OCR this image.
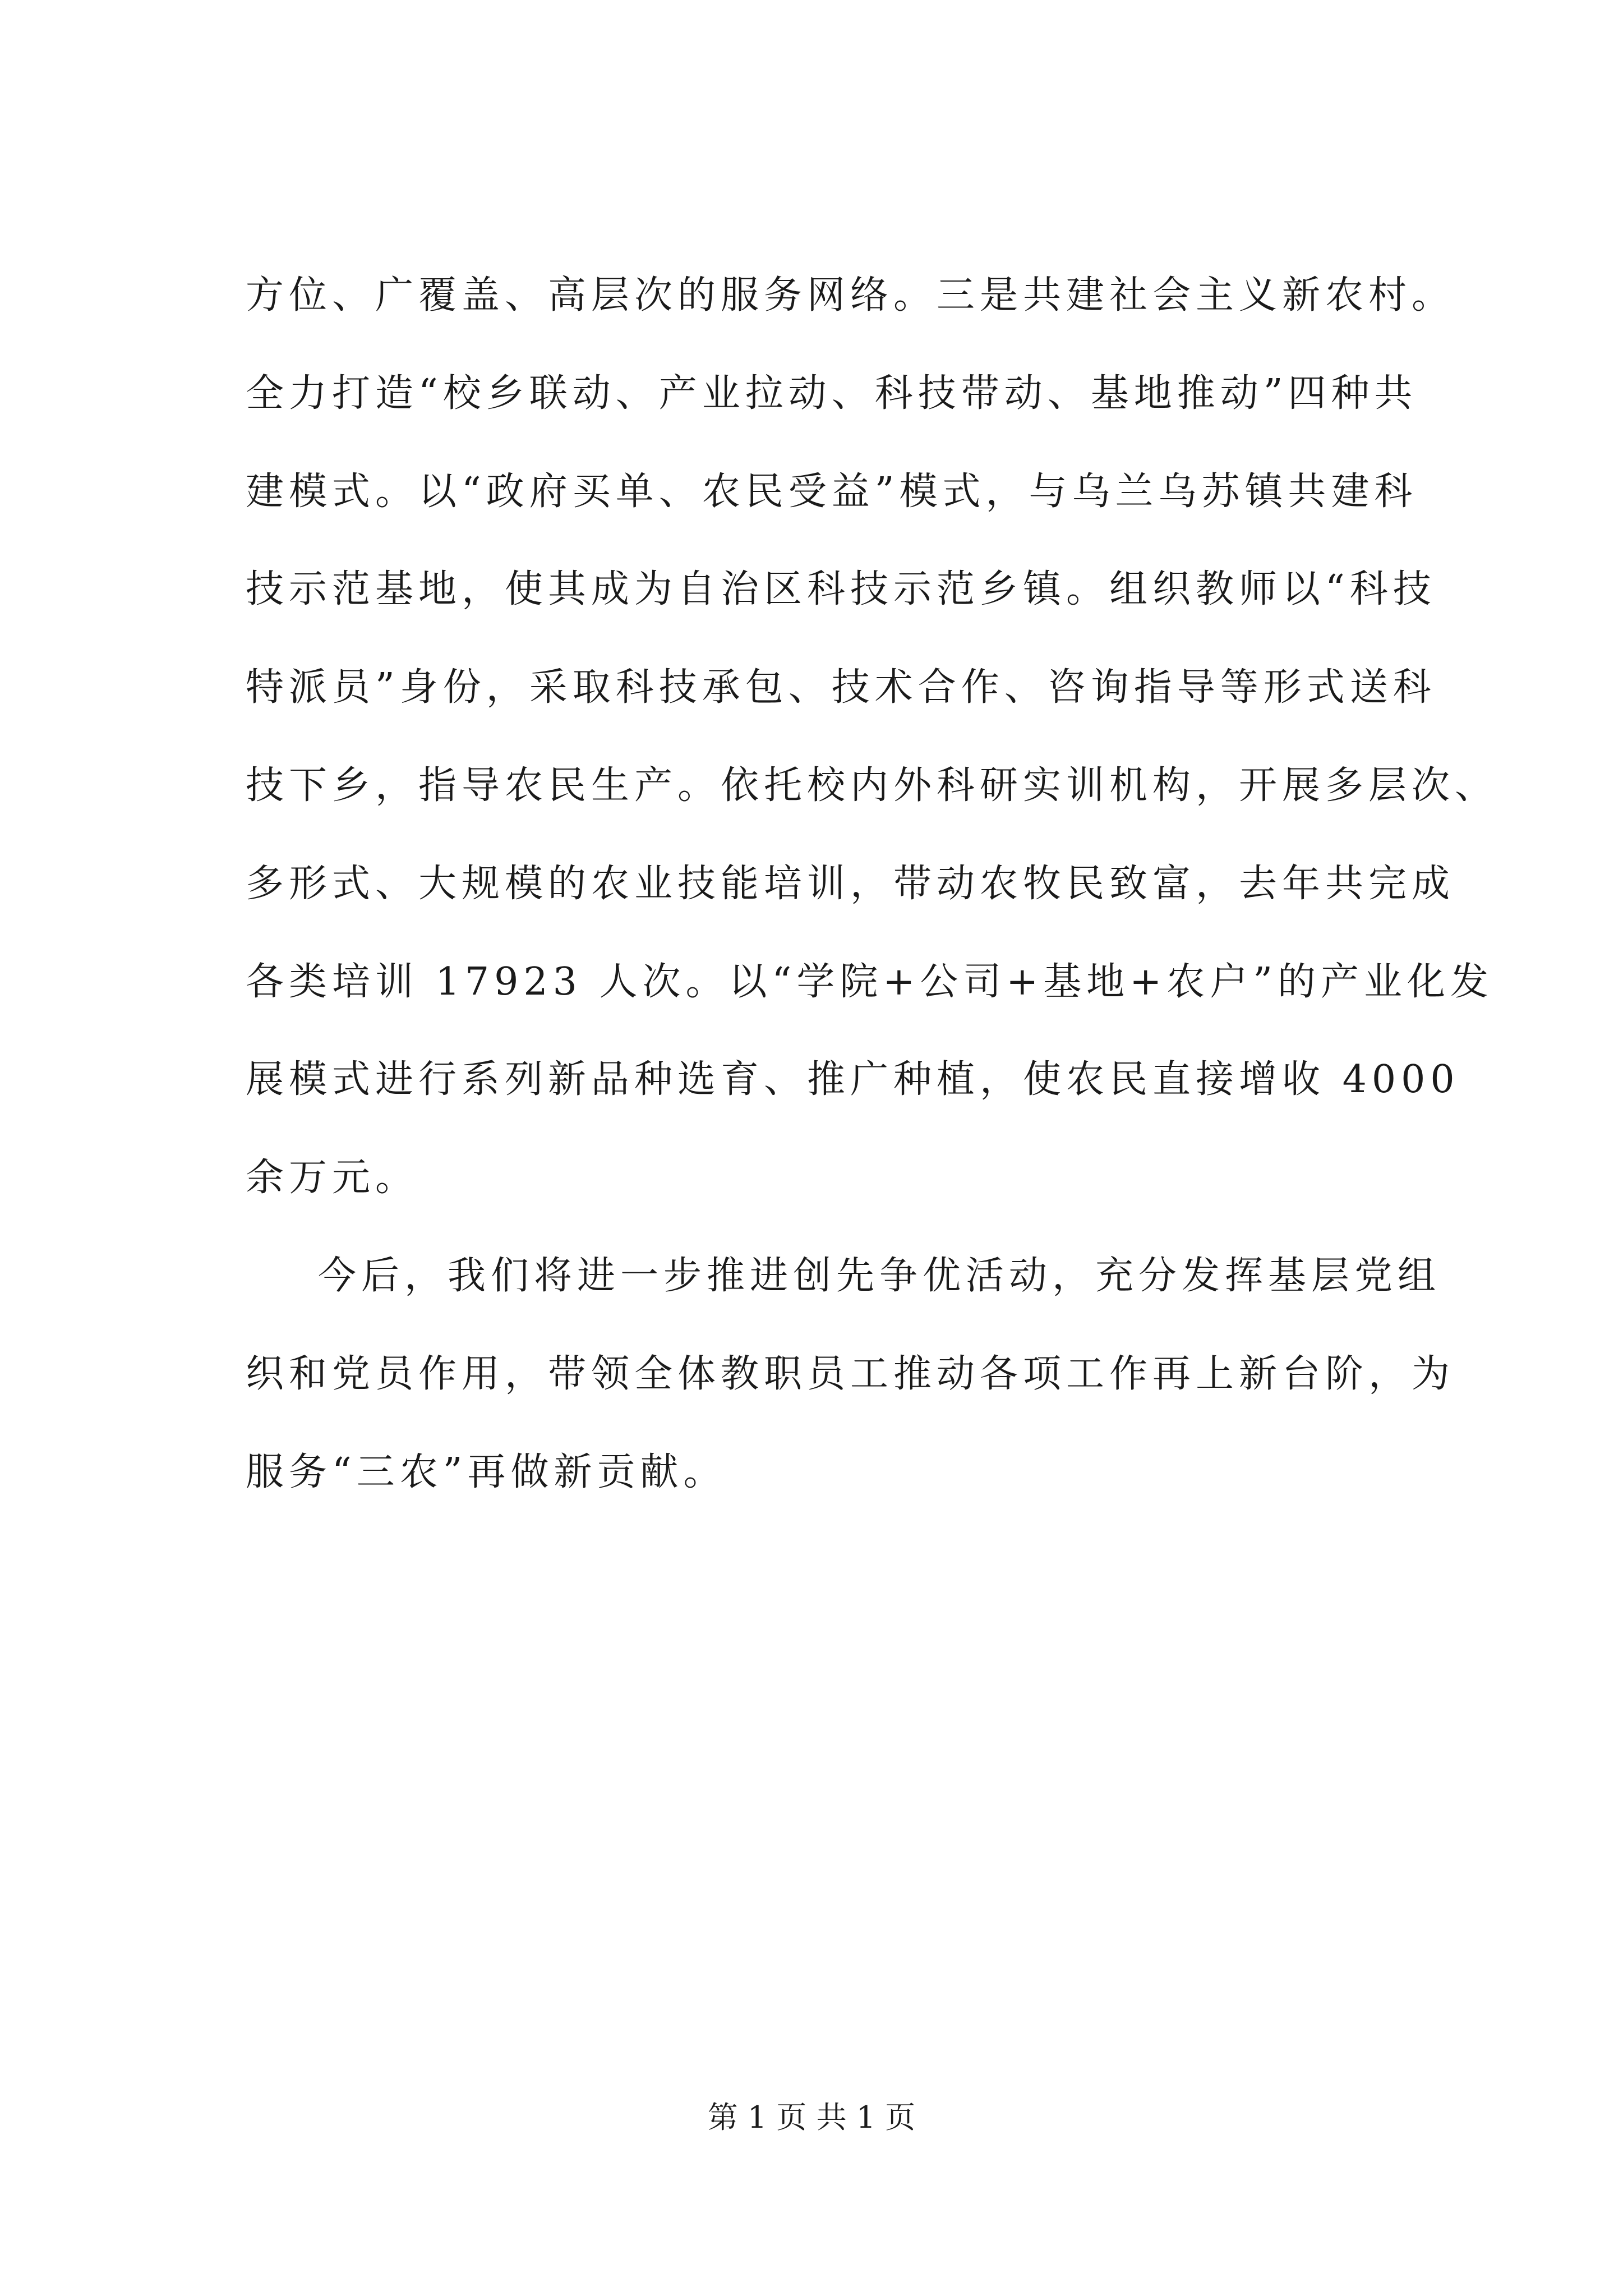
方位、广覆盖、高层次的服务网络。三是共建社会主义新农村。
全力打造“校乡联动、产业拉动、科技带动、基地推动”四种共
建模式。以“政府买单、农民受益”模式，与乌兰乌苏镇共建科
技示范基地，使其成为自治区科技示范乡镇。组织教师以“科技
特派员”身份，采取科技承包、技术合作、咨询指导等形式送科
技下乡，指导农民生产。依托校内外科研实训机构，开展多层次、
多形式、大规模的农业技能培训，带动农牧民致富，去年共完成
各类培训 17923 人次。以“学院+公司+基地+农户”的产业化发
展模式进行系列新品种选育、推广种植，使农民直接增收 4000
余万元。
今后，我们将进一步推进创先争优活动，充分发挥基层党组
织和党员作用，带领全体教职员工推动各项工作再上新台阶，为
服务“三农”再做新贡献。
第 1 页 共 1 页
